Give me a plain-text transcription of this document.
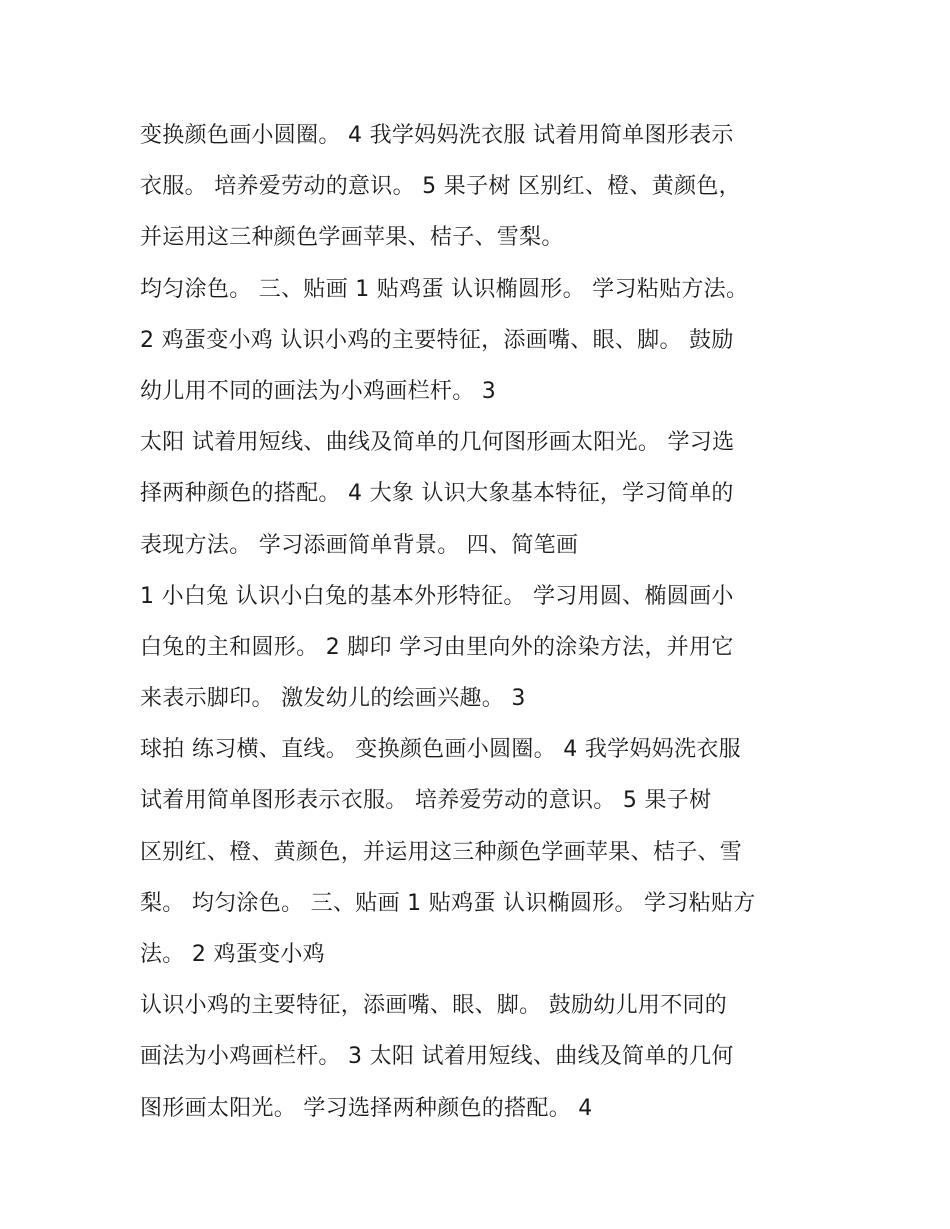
变换颜色画小圆圈。 4 我学妈妈洗衣服 试着用简单图形表示
衣服。 培养爱劳动的意识。 5 果子树 区别红、橙、黄颜色，
并运用这三种颜色学画苹果、桔子、雪梨。
均匀涂色。 三、贴画 1 贴鸡蛋 认识椭圆形。 学习粘贴方法。
2 鸡蛋变小鸡 认识小鸡的主要特征，添画嘴、眼、脚。 鼓励
幼儿用不同的画法为小鸡画栏杆。 3
太阳 试着用短线、曲线及简单的几何图形画太阳光。 学习选
择两种颜色的搭配。 4 大象 认识大象基本特征，学习简单的
表现方法。 学习添画简单背景。 四、简笔画
1 小白兔 认识小白兔的基本外形特征。 学习用圆、椭圆画小
白兔的主和圆形。 2 脚印 学习由里向外的涂染方法，并用它
来表示脚印。 激发幼儿的绘画兴趣。 3
球拍 练习横、直线。 变换颜色画小圆圈。 4 我学妈妈洗衣服
试着用简单图形表示衣服。 培养爱劳动的意识。 5 果子树
区别红、橙、黄颜色，并运用这三种颜色学画苹果、桔子、雪
梨。 均匀涂色。 三、贴画 1 贴鸡蛋 认识椭圆形。 学习粘贴方
法。 2 鸡蛋变小鸡
认识小鸡的主要特征，添画嘴、眼、脚。 鼓励幼儿用不同的
画法为小鸡画栏杆。 3 太阳 试着用短线、曲线及简单的几何
图形画太阳光。 学习选择两种颜色的搭配。 4
